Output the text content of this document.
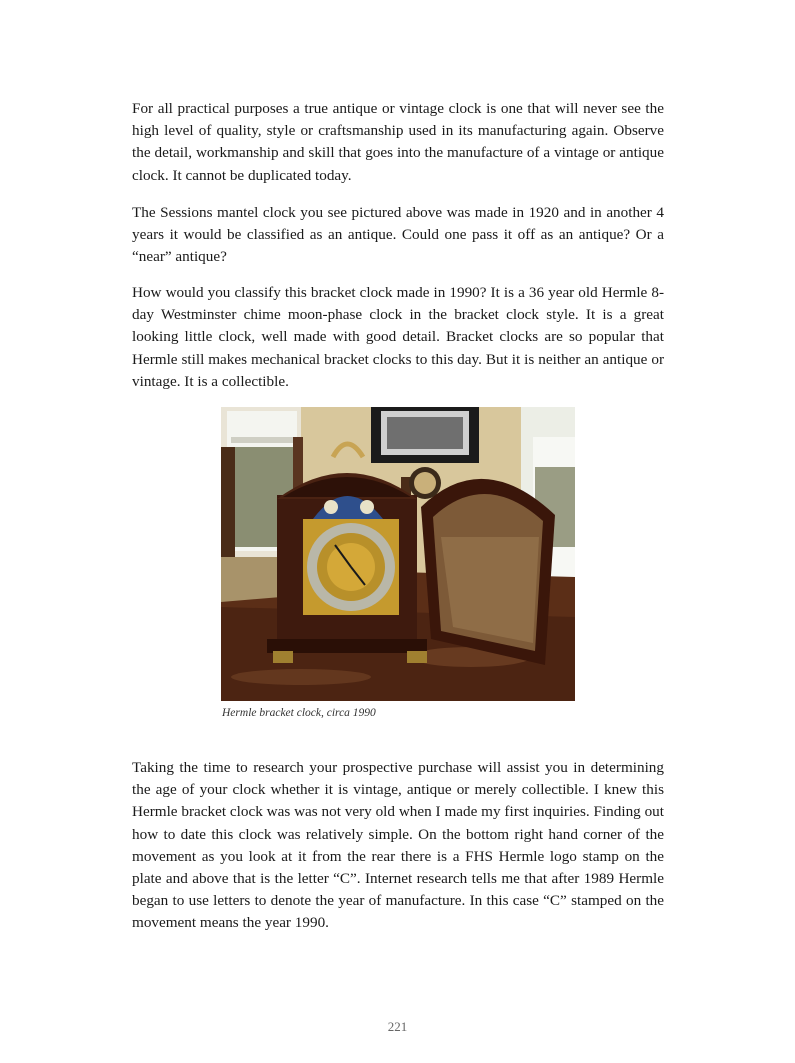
For all practical purposes a true antique or vintage clock is one that will never see the high level of quality, style or craftsmanship used in its manufacturing again. Observe the detail, workmanship and skill that goes into the manufacture of a vintage or antique clock. It cannot be duplicated today.

The Sessions mantel clock you see pictured above was made in 1920 and in another 4 years it would be classified as an antique. Could one pass it off as an antique? Or a “near” antique?

How would you classify this bracket clock made in 1990? It is a 36 year old Hermle 8-day Westminster chime moon-phase clock in the bracket clock style. It is a great looking little clock, well made with good detail. Bracket clocks are so popular that Hermle still makes mechanical bracket clocks to this day. But it is neither an antique or vintage. It is a collectible.

Hermle bracket clock, circa 1990

Taking the time to research your prospective purchase will assist you in determining the age of your clock whether it is vintage, antique or merely collectible. I knew this Hermle bracket clock was was not very old when I made my first inquiries. Finding out how to date this clock was relatively simple. On the bottom right hand corner of the movement as you look at it from the rear there is a FHS Hermle logo stamp on the plate and above that is the letter “C”. Internet research tells me that after 1989 Hermle began to use letters to denote the year of manufacture. In this case “C” stamped on the movement means the year 1990.

221
